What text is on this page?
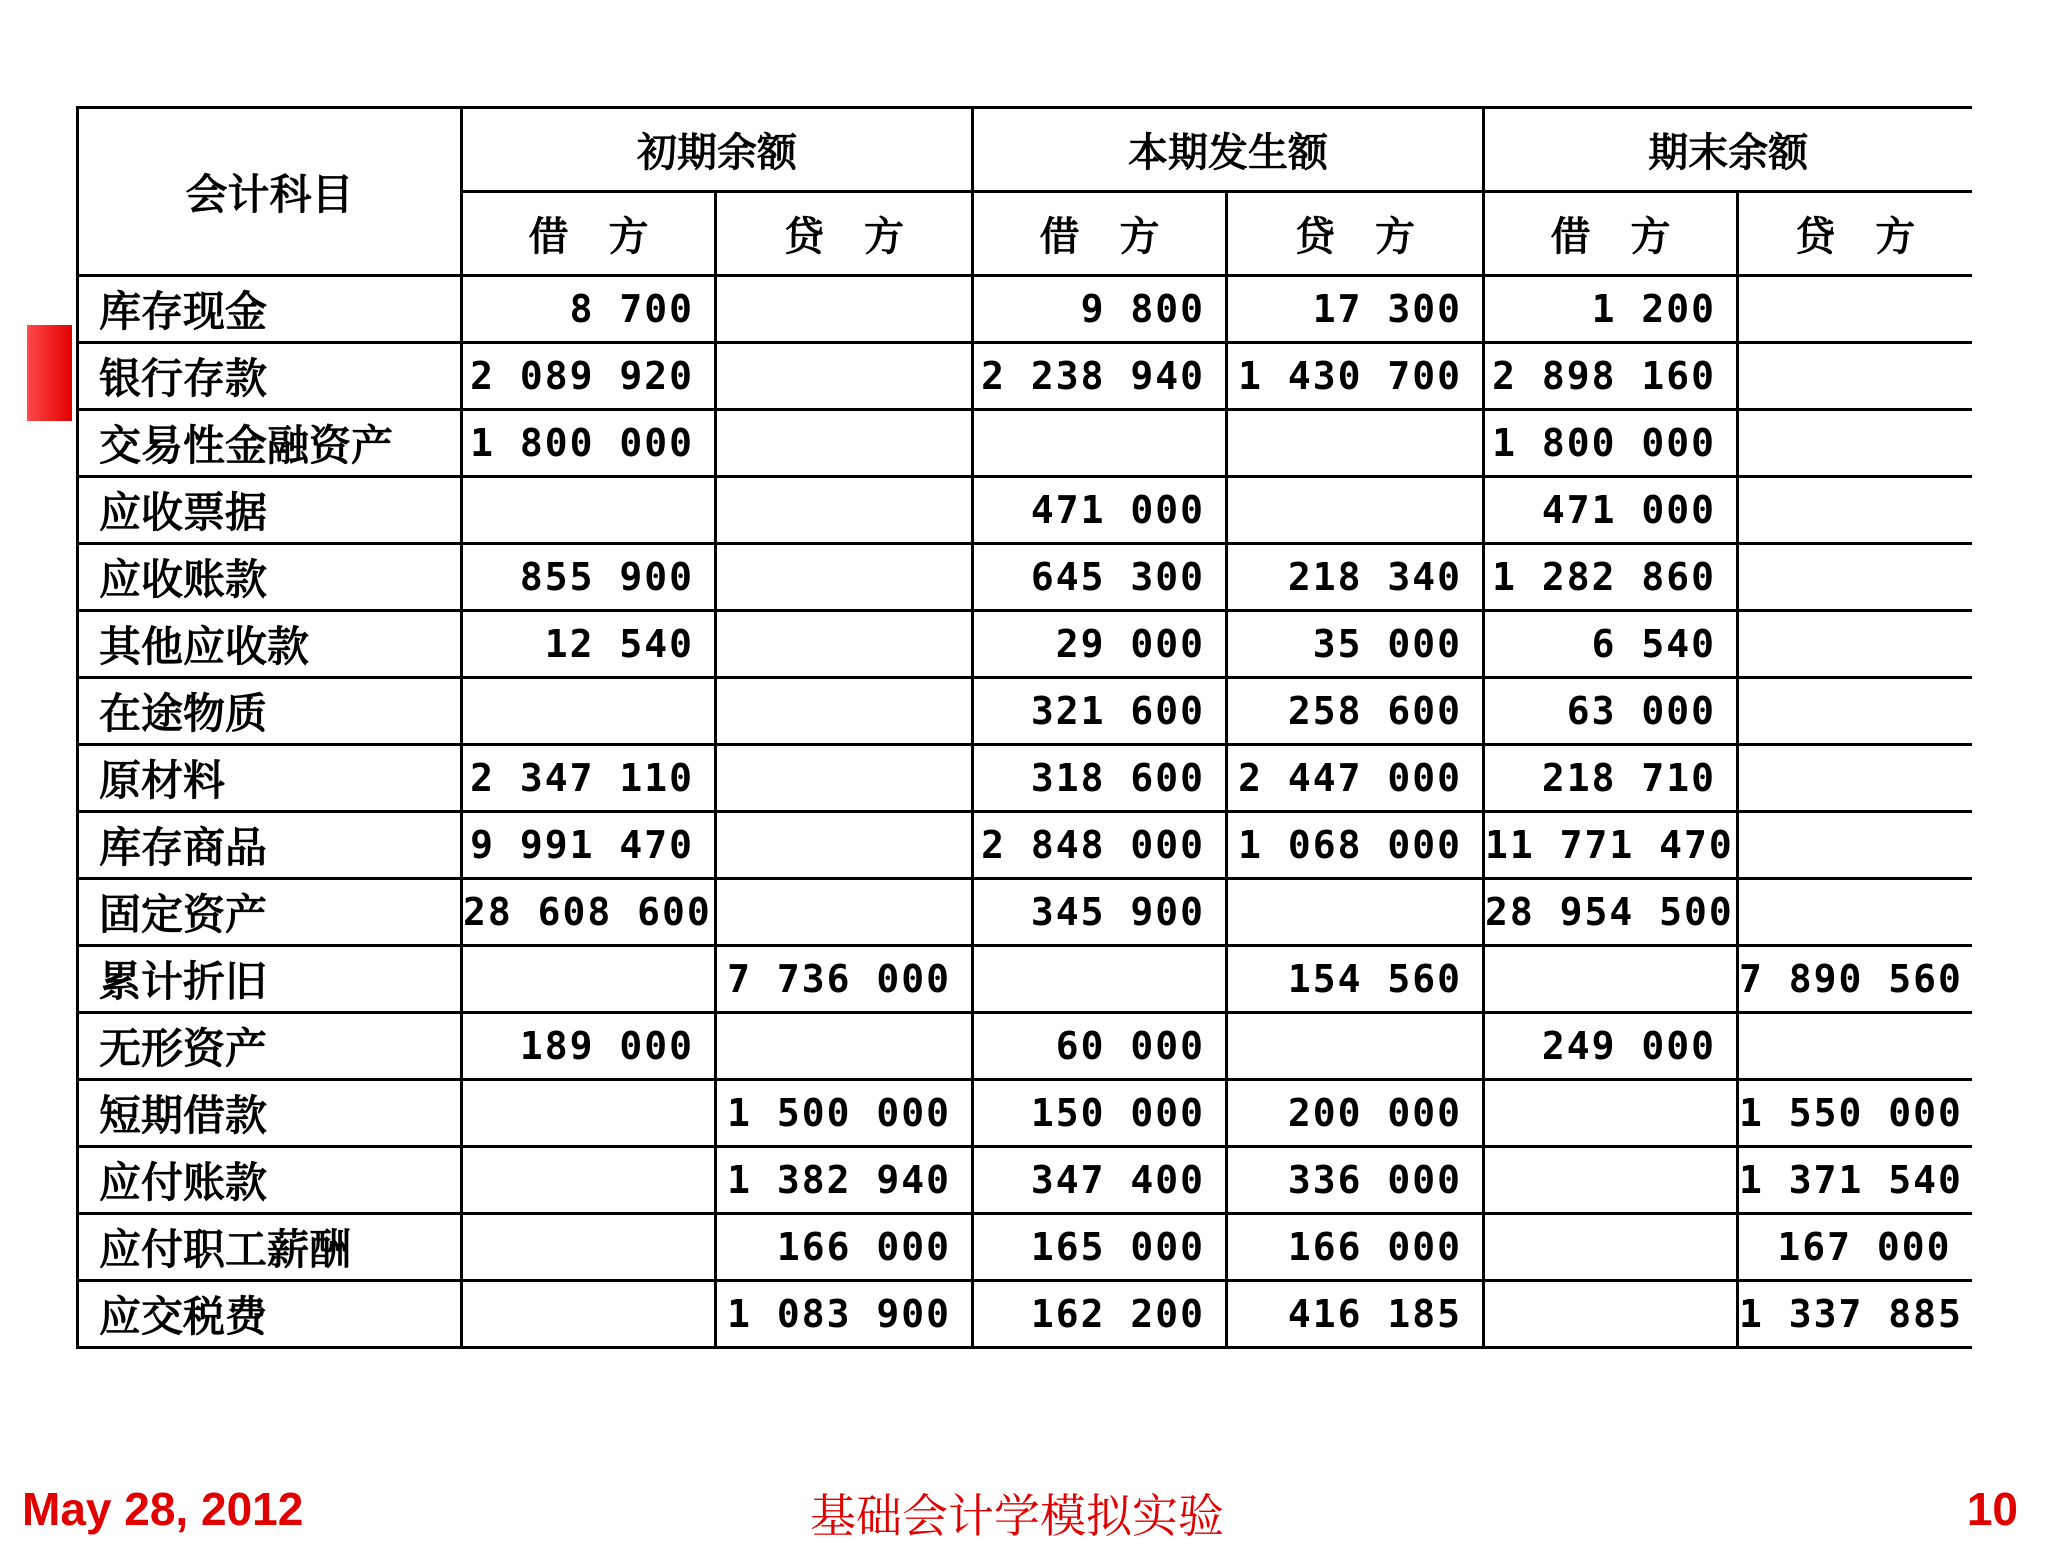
会计科目	初期余额		本期发生额		期末余额	
	借　方	贷　方	借　方	贷　方	借　方	贷　方
库存现金	8 700		9 800	17 300	1 200	
银行存款	2 089 920		2 238 940	1 430 700	2 898 160	
交易性金融资产	1 800 000				1 800 000	
应收票据			471 000		471 000	
应收账款	855 900		645 300	218 340	1 282 860	
其他应收款	12 540		29 000	35 000	6 540	
在途物质			321 600	258 600	63 000	
原材料	2 347 110		318 600	2 447 000	218 710	
库存商品	9 991 470		2 848 000	1 068 000	11 771 470	
固定资产	28 608 600		345 900		28 954 500	
累计折旧		7 736 000		154 560		7 890 560
无形资产	189 000		60 000		249 000	
短期借款		1 500 000	150 000	200 000		1 550 000
应付账款		1 382 940	347 400	336 000		1 371 540
应付职工薪酬		166 000	165 000	166 000		167 000
应交税费		1 083 900	162 200	416 185		1 337 885
May 28, 2012	基础会计学模拟实验	10
